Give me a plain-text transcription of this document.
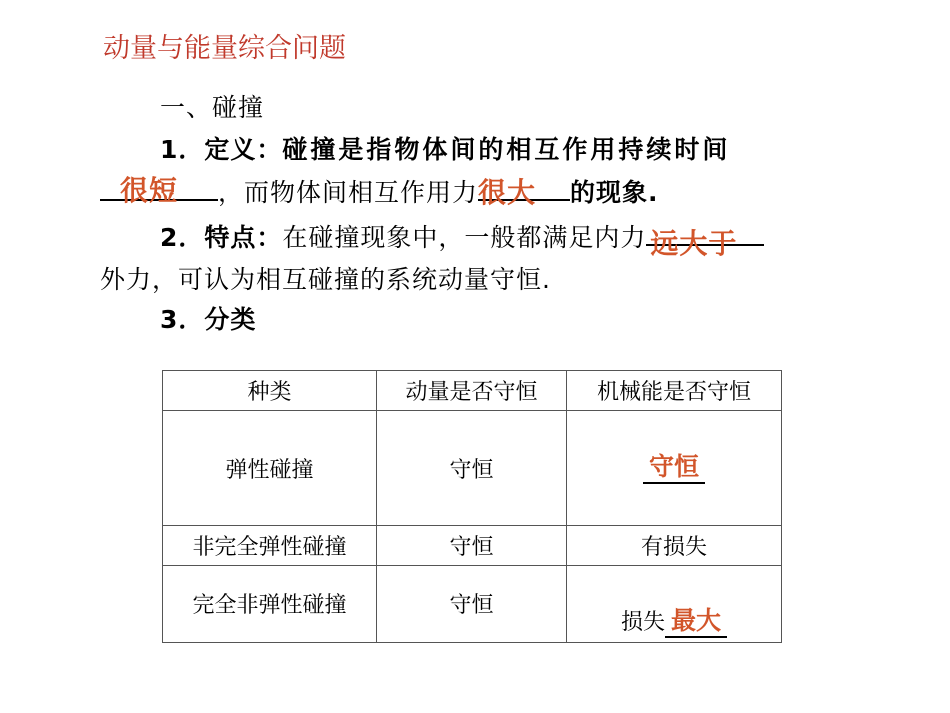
动量与能量综合问题
一、碰撞
1．定义：碰撞是指物体间的相互作用持续时间
很短 ，而物体间相互作用力 很大 的现象.
2．特点：在碰撞现象中，一般都满足内力 远大于
外力，可认为相互碰撞的系统动量守恒.
3．分类
种类	动量是否守恒	机械能是否守恒
弹性碰撞	守恒	守恒
非完全弹性碰撞	守恒	有损失
完全非弹性碰撞	守恒	损失 最大
